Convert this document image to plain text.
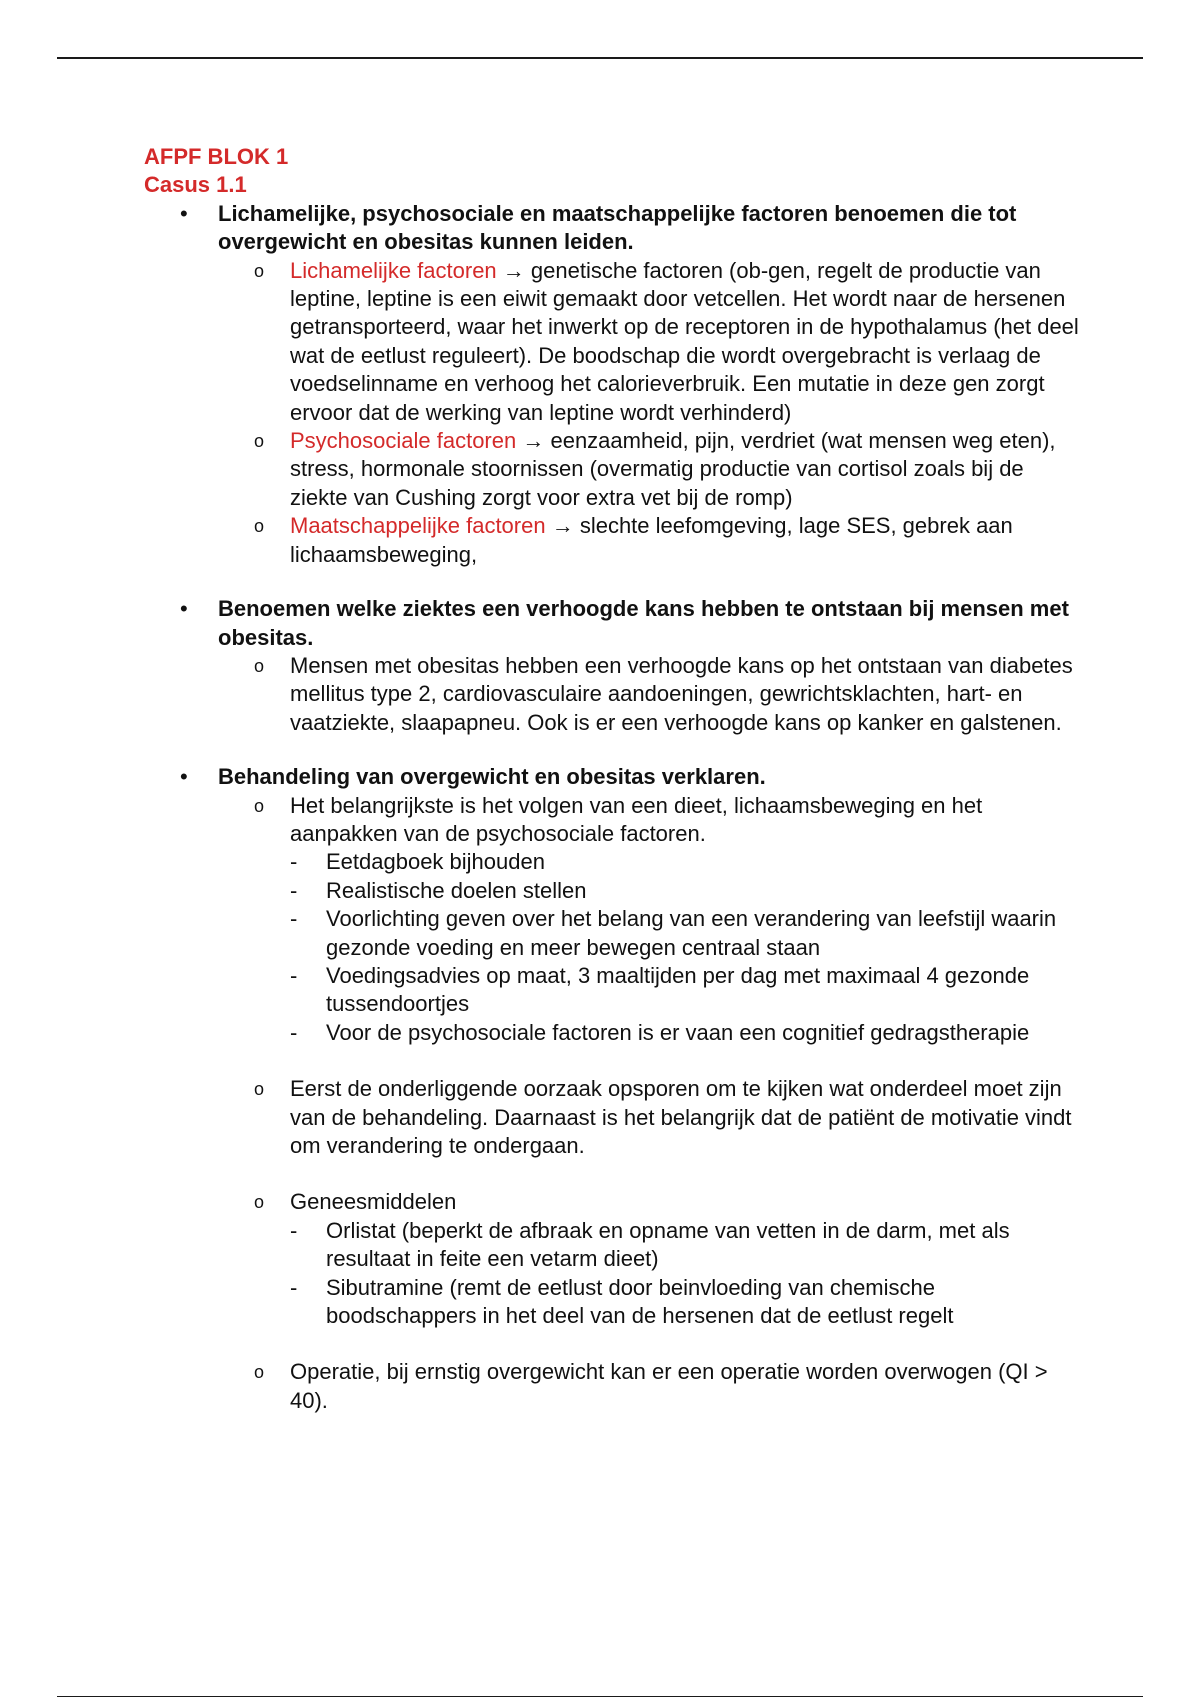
AFPF BLOK 1
Casus 1.1
• Lichamelijke, psychosociale en maatschappelijke factoren benoemen die tot overgewicht en obesitas kunnen leiden.
o Lichamelijke factoren → genetische factoren (ob-gen, regelt de productie van leptine, leptine is een eiwit gemaakt door vetcellen. Het wordt naar de hersenen getransporteerd, waar het inwerkt op de receptoren in de hypothalamus (het deel wat de eetlust reguleert). De boodschap die wordt overgebracht is verlaag de voedselinname en verhoog het calorieverbruik. Een mutatie in deze gen zorgt ervoor dat de werking van leptine wordt verhinderd)
o Psychosociale factoren → eenzaamheid, pijn, verdriet (wat mensen weg eten), stress, hormonale stoornissen (overmatig productie van cortisol zoals bij de ziekte van Cushing zorgt voor extra vet bij de romp)
o Maatschappelijke factoren → slechte leefomgeving, lage SES, gebrek aan lichaamsbeweging,
• Benoemen welke ziektes een verhoogde kans hebben te ontstaan bij mensen met obesitas.
o Mensen met obesitas hebben een verhoogde kans op het ontstaan van diabetes mellitus type 2, cardiovasculaire aandoeningen, gewrichtsklachten, hart- en vaatziekte, slaapapneu. Ook is er een verhoogde kans op kanker en galstenen.
• Behandeling van overgewicht en obesitas verklaren.
o Het belangrijkste is het volgen van een dieet, lichaamsbeweging en het aanpakken van de psychosociale factoren.
- Eetdagboek bijhouden
- Realistische doelen stellen
- Voorlichting geven over het belang van een verandering van leefstijl waarin gezonde voeding en meer bewegen centraal staan
- Voedingsadvies op maat, 3 maaltijden per dag met maximaal 4 gezonde tussendoortjes
- Voor de psychosociale factoren is er vaan een cognitief gedragstherapie
o Eerst de onderliggende oorzaak opsporen om te kijken wat onderdeel moet zijn van de behandeling. Daarnaast is het belangrijk dat de patiënt de motivatie vindt om verandering te ondergaan.
o Geneesmiddelen
- Orlistat (beperkt de afbraak en opname van vetten in de darm, met als resultaat in feite een vetarm dieet)
- Sibutramine (remt de eetlust door beinvloeding van chemische boodschappers in het deel van de hersenen dat de eetlust regelt
o Operatie, bij ernstig overgewicht kan er een operatie worden overwogen (QI > 40).
